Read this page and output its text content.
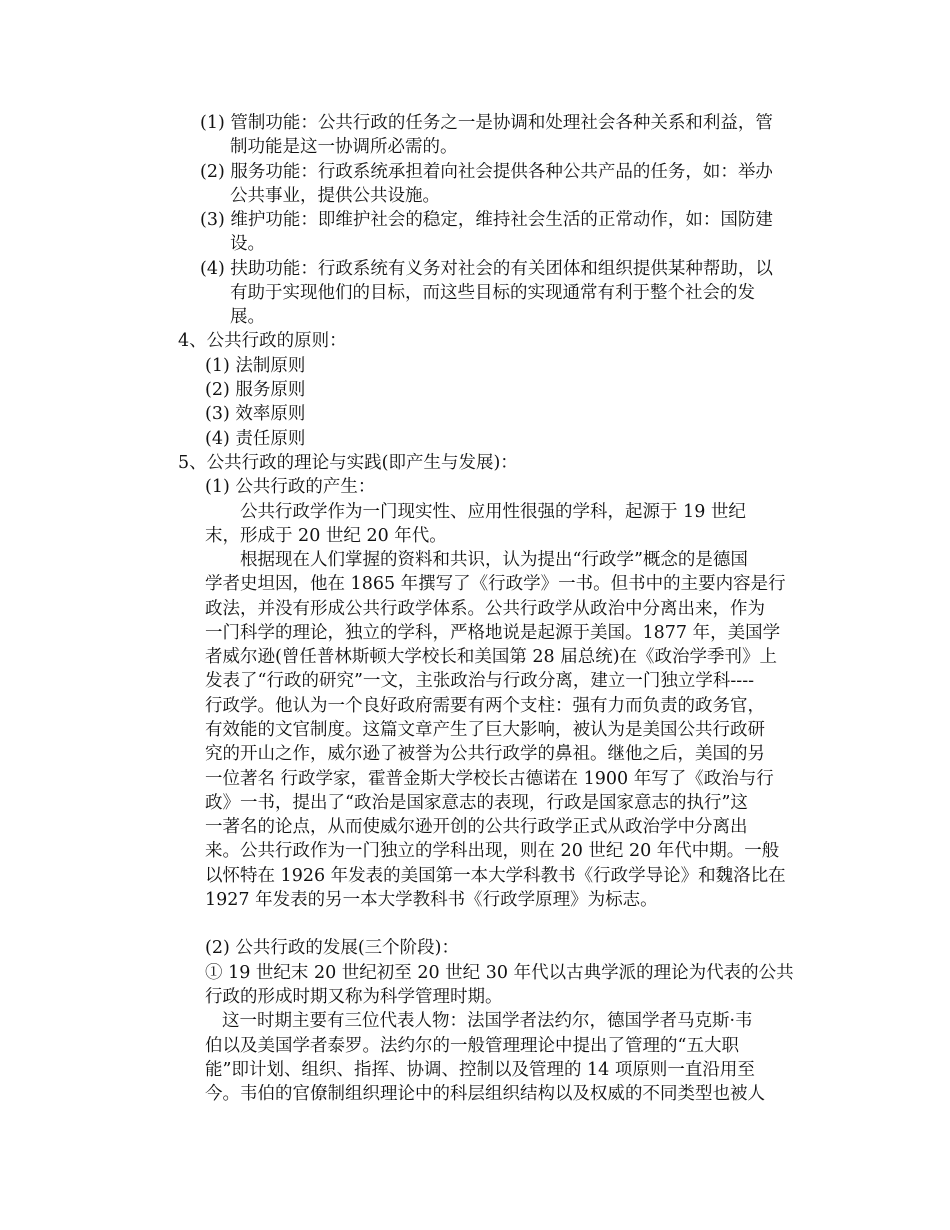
(1) 管制功能：公共行政的任务之一是协调和处理社会各种关系和利益，管
制功能是这一协调所必需的。
(2) 服务功能：行政系统承担着向社会提供各种公共产品的任务，如：举办
公共事业，提供公共设施。
(3) 维护功能：即维护社会的稳定，维持社会生活的正常动作，如：国防建
设。
(4) 扶助功能：行政系统有义务对社会的有关团体和组织提供某种帮助，以
有助于实现他们的目标，而这些目标的实现通常有利于整个社会的发
展。
4、公共行政的原则：
(1) 法制原则
(2) 服务原则
(3) 效率原则
(4) 责任原则
5、公共行政的理论与实践(即产生与发展)：
(1) 公共行政的产生：
公共行政学作为一门现实性、应用性很强的学科，起源于 19 世纪
末，形成于 20 世纪 20 年代。
根据现在人们掌握的资料和共识，认为提出“行政学”概念的是德国
学者史坦因，他在 1865 年撰写了《行政学》一书。但书中的主要内容是行
政法，并没有形成公共行政学体系。公共行政学从政治中分离出来，作为
一门科学的理论，独立的学科，严格地说是起源于美国。1877 年，美国学
者威尔逊(曾任普林斯顿大学校长和美国第 28 届总统)在《政治学季刊》上
发表了“行政的研究”一文，主张政治与行政分离，建立一门独立学科----
行政学。他认为一个良好政府需要有两个支柱：强有力而负责的政务官，
有效能的文官制度。这篇文章产生了巨大影响，被认为是美国公共行政研
究的开山之作，威尔逊了被誉为公共行政学的鼻祖。继他之后，美国的另
一位著名 行政学家，霍普金斯大学校长古德诺在 1900 年写了《政治与行
政》一书，提出了“政治是国家意志的表现，行政是国家意志的执行”这
一著名的论点，从而使威尔逊开创的公共行政学正式从政治学中分离出
来。公共行政作为一门独立的学科出现，则在 20 世纪 20 年代中期。一般
以怀特在 1926 年发表的美国第一本大学科教书《行政学导论》和魏洛比在
1927 年发表的另一本大学教科书《行政学原理》为标志。
(2) 公共行政的发展(三个阶段)：
① 19 世纪末 20 世纪初至 20 世纪 30 年代以古典学派的理论为代表的公共
行政的形成时期又称为科学管理时期。
这一时期主要有三位代表人物：法国学者法约尔，德国学者马克斯·韦
伯以及美国学者泰罗。法约尔的一般管理理论中提出了管理的“五大职
能”即计划、组织、指挥、协调、控制以及管理的 14 项原则一直沿用至
今。韦伯的官僚制组织理论中的科层组织结构以及权威的不同类型也被人
